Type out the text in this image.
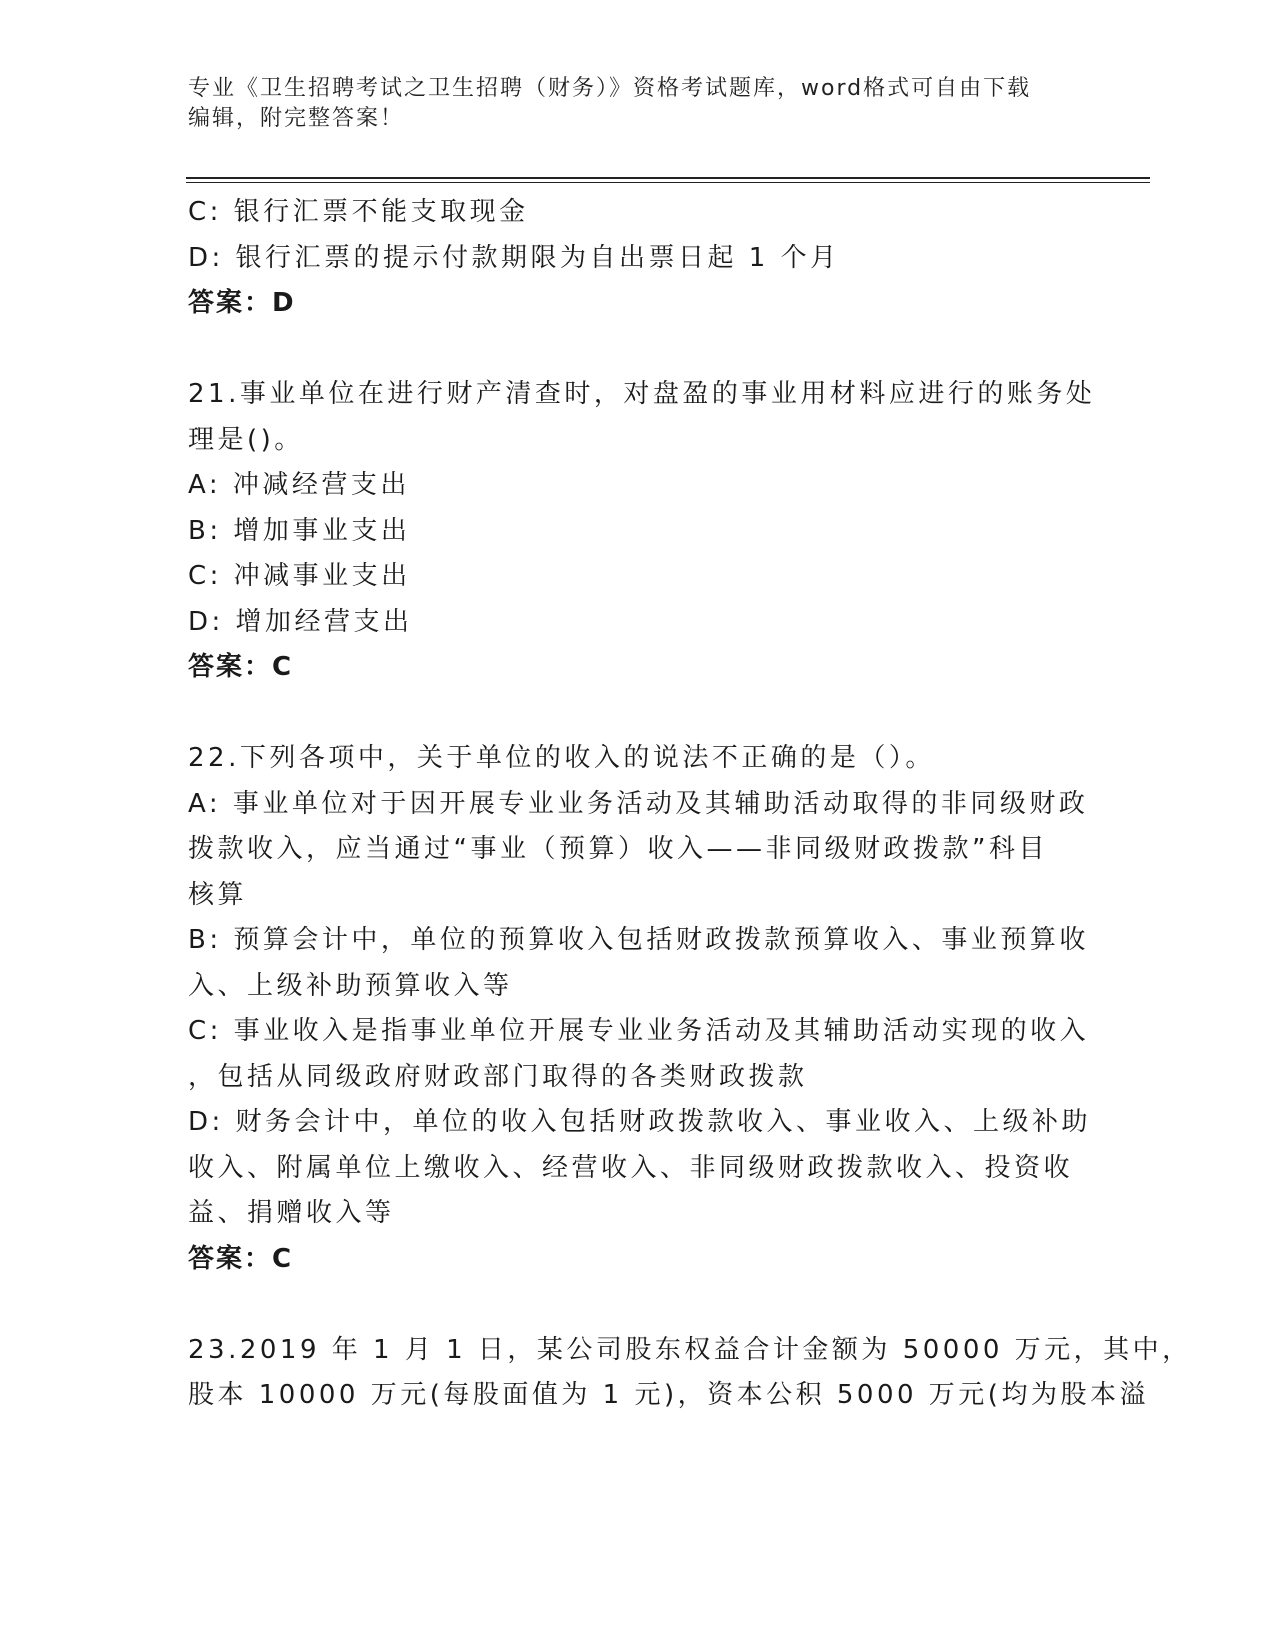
专业《卫生招聘考试之卫生招聘（财务）》资格考试题库，word格式可自由下载
编辑，附完整答案！
C: 银行汇票不能支取现金
D: 银行汇票的提示付款期限为自出票日起 1 个月
答案：D
21.事业单位在进行财产清查时，对盘盈的事业用材料应进行的账务处
理是()。
A: 冲减经营支出
B: 增加事业支出
C: 冲减事业支出
D: 增加经营支出
答案：C
22.下列各项中，关于单位的收入的说法不正确的是（）。
A: 事业单位对于因开展专业业务活动及其辅助活动取得的非同级财政
拨款收入，应当通过“事业（预算）收入——非同级财政拨款”科目
核算
B: 预算会计中，单位的预算收入包括财政拨款预算收入、事业预算收
入、上级补助预算收入等
C: 事业收入是指事业单位开展专业业务活动及其辅助活动实现的收入
，包括从同级政府财政部门取得的各类财政拨款
D: 财务会计中，单位的收入包括财政拨款收入、事业收入、上级补助
收入、附属单位上缴收入、经营收入、非同级财政拨款收入、投资收
益、捐赠收入等
答案：C
23.2019 年 1 月 1 日，某公司股东权益合计金额为 50000 万元，其中，
股本 10000 万元(每股面值为 1 元)，资本公积 5000 万元(均为股本溢
